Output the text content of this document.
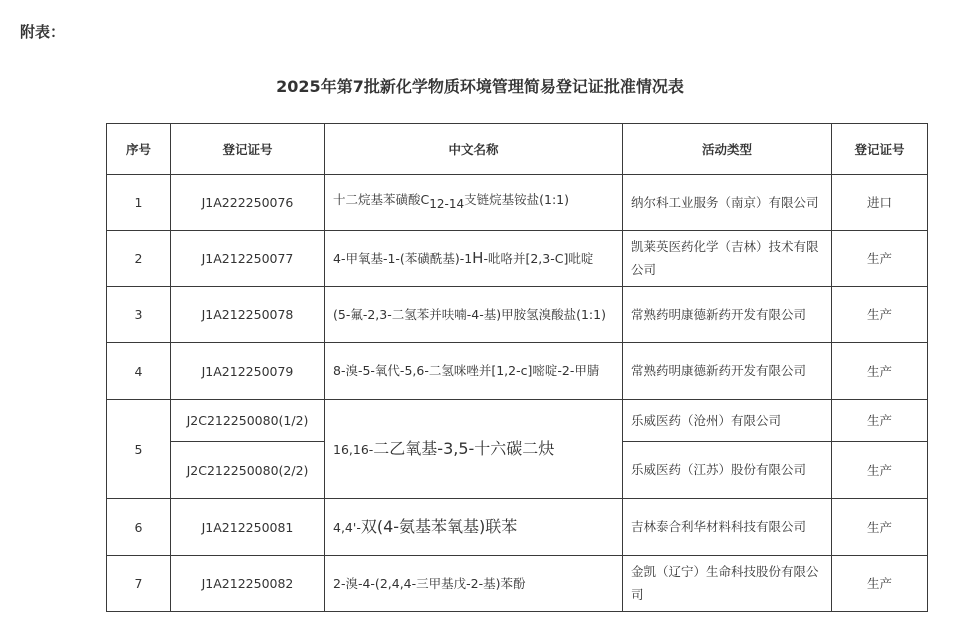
附表：
2025年第7批新化学物质环境管理简易登记证批准情况表
序号	登记证号	中文名称	活动类型	登记证号
1	J1A222250076	十二烷基苯磺酸C12-14支链烷基铵盐(1:1)	纳尔科工业服务（南京）有限公司	进口
2	J1A212250077	4-甲氧基-1-(苯磺酰基)-1H-吡咯并[2,3-C]吡啶	凯莱英医药化学（吉林）技术有限公司	生产
3	J1A212250078	(5-氟-2,3-二氢苯并呋喃-4-基)甲胺氢溴酸盐(1:1)	常熟药明康德新药开发有限公司	生产
4	J1A212250079	8-溴-5-氧代-5,6-二氢咪唑并[1,2-c]嘧啶-2-甲腈	常熟药明康德新药开发有限公司	生产
5	J2C212250080(1/2)	16,16-二乙氧基-3,5-十六碳二炔	乐威医药（沧州）有限公司	生产
	J2C212250080(2/2)		乐威医药（江苏）股份有限公司	生产
6	J1A212250081	4,4'-双(4-氨基苯氧基)联苯	吉林泰合利华材料科技有限公司	生产
7	J1A212250082	2-溴-4-(2,4,4-三甲基戊-2-基)苯酚	金凯（辽宁）生命科技股份有限公司	生产
